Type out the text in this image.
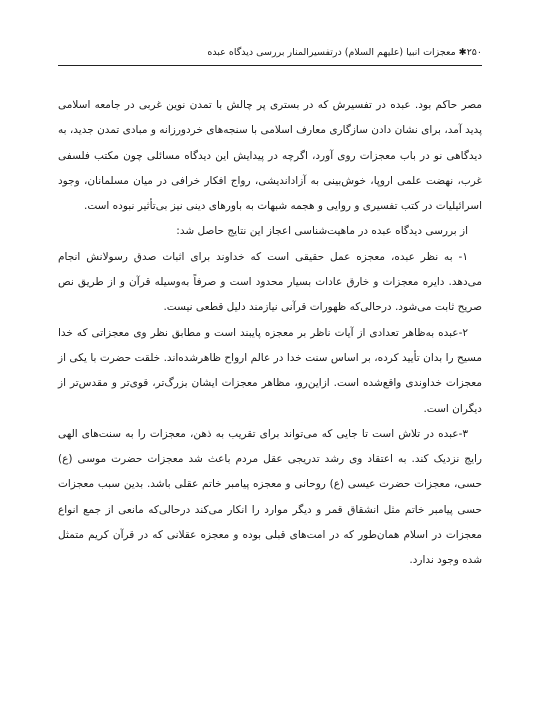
۲۵۰✱ معجزات انبيا (عليهم السلام) درتفسيرالمنار بررسی ديدگاه عبده

مصر حاکم بود. عبده در تفسیرش که در بستری پر چالش با تمدن نوین غربی در جامعه اسلامی پدید آمد، برای نشان دادن سازگاری معارف اسلامی با سنجه‌های خردورزانه و مبادی تمدن جدید، به دیدگاهی نو در باب معجزات روی آورد، اگرچه در پیدایش این دیدگاه مسائلی چون مکتب فلسفی غرب، نهضت علمی اروپا، خوش‌بینی به آزاداندیشی، رواج افکار خرافی در میان مسلمانان، وجود اسرائیلیات در کتب تفسیری و روایی و هجمه شبهات به باورهای دینی نیز بی‌تأثیر نبوده است.

از بررسی دیدگاه عبده در ماهیت‌شناسی اعجاز این نتایج حاصل شد:

۱- به نظر عبده، معجزه عمل حقیقی است که خداوند برای اثبات صدق رسولانش انجام می‌دهد. دایره معجزات و خارق عادات بسیار محدود است و صرفاً به‌وسیله قرآن و از طریق نص صریح ثابت می‌شود. درحالی‌که ظهورات قرآنی نیازمند دلیل قطعی نیست.

۲-عبده به‌ظاهر تعدادی از آیات ناظر بر معجزه پایبند است و مطابق نظر وی معجزاتی که خدا مسیح را بدان تأیید کرده، بر اساس سنت خدا در عالم ارواح ظاهرشده‌اند. خلقت حضرت با یکی از معجزات خداوندی واقع‌شده است. ازاین‌رو، مظاهر معجزات ایشان بزرگ‌تر، قوی‌تر و مقدس‌تر از دیگران است.

۳-عبده در تلاش است تا جایی که می‌تواند برای تقریب به ذهن، معجزات را به سنت‌های الهی رایج نزدیک کند. به اعتقاد وی رشد تدریجی عقل مردم باعث شد معجزات حضرت موسی (ع) حسی، معجزات حضرت عیسی (ع) روحانی و معجزه پیامبر خاتم عقلی باشد. بدین سبب معجزات حسی پیامبر خاتم مثل انشقاق قمر و دیگر موارد را انکار می‌کند درحالی‌که مانعی از جمع انواع معجزات در اسلام همان‌طور که در امت‌های قبلی بوده و معجزه عقلانی که در قرآن کریم متمثل شده وجود ندارد.
